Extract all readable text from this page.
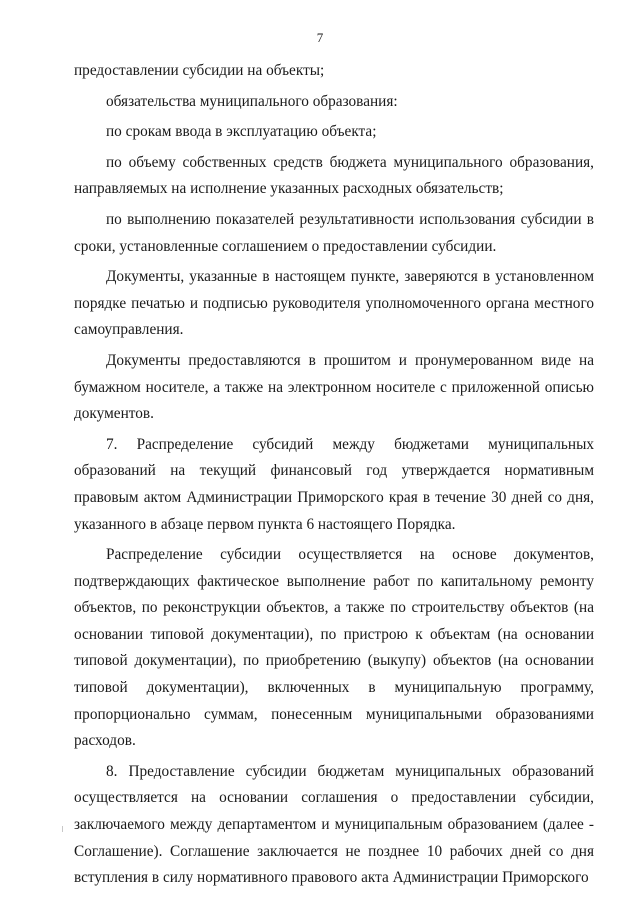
7

предоставлении субсидии на объекты;

обязательства муниципального образования:

по срокам ввода в эксплуатацию объекта;

по объему собственных средств бюджета муниципального образования, направляемых на исполнение указанных расходных обязательств;

по выполнению показателей результативности использования субсидии в сроки, установленные соглашением о предоставлении субсидии.

Документы, указанные в настоящем пункте, заверяются в установленном порядке печатью и подписью руководителя уполномоченного органа местного самоуправления.

Документы предоставляются в прошитом и пронумерованном виде на бумажном носителе, а также на электронном носителе с приложенной описью документов.

7. Распределение субсидий между бюджетами муниципальных образований на текущий финансовый год утверждается нормативным правовым актом Администрации Приморского края в течение 30 дней со дня, указанного в абзаце первом пункта 6 настоящего Порядка.

Распределение субсидии осуществляется на основе документов, подтверждающих фактическое выполнение работ по капитальному ремонту объектов, по реконструкции объектов, а также по строительству объектов (на основании типовой документации), по пристрою к объектам (на основании типовой документации), по приобретению (выкупу) объектов (на основании типовой документации), включенных в муниципальную программу, пропорционально суммам, понесенным муниципальными образованиями расходов.

8. Предоставление субсидии бюджетам муниципальных образований осуществляется на основании соглашения о предоставлении субсидии, заключаемого между департаментом и муниципальным образованием (далее - Соглашение). Соглашение заключается не позднее 10 рабочих дней со дня вступления в силу нормативного правового акта Администрации Приморского
